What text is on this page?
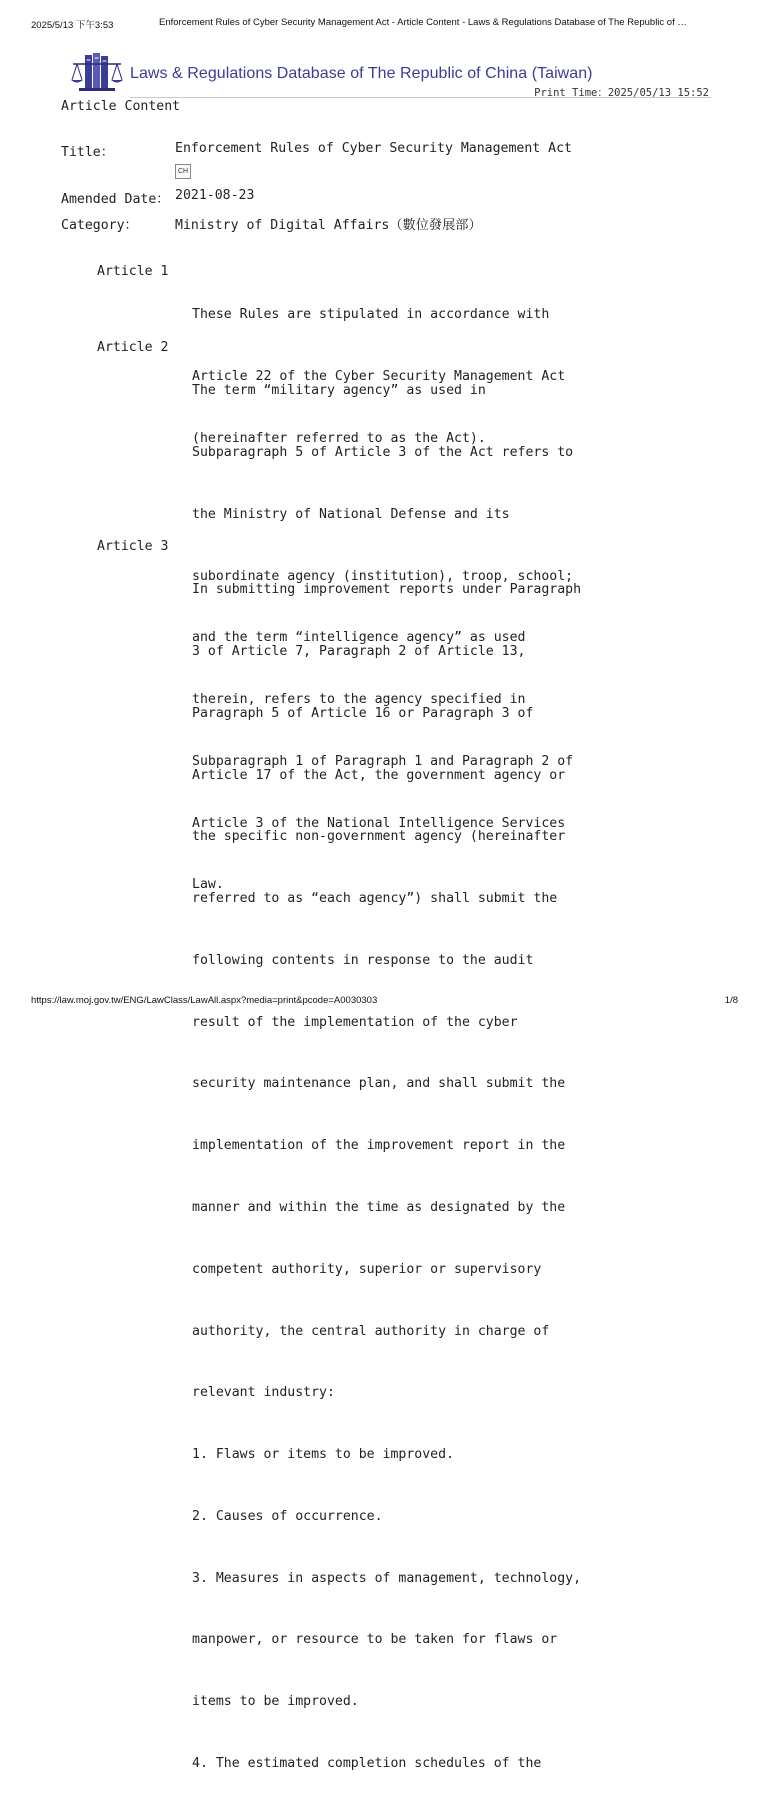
2025/5/13 下午3:53	Enforcement Rules of Cyber Security Management Act - Article Content - Laws & Regulations Database of The Republic of …
Laws & Regulations Database of The Republic of China (Taiwan)
Print Time：2025/05/13 15:52
Article Content
Title：	Enforcement Rules of Cyber Security Management Act
CH
Amended Date： 2021-08-23
Category：	Ministry of Digital Affairs（數位發展部）
Article 1

These Rules are stipulated in accordance with

Article 22 of the Cyber Security Management Act

(hereinafter referred to as the Act).

Article 2

The term “military agency” as used in

Subparagraph 5 of Article 3 of the Act refers to

the Ministry of National Defense and its

subordinate agency (institution), troop, school;

and the term “intelligence agency” as used

therein, refers to the agency specified in

Subparagraph 1 of Paragraph 1 and Paragraph 2 of

Article 3 of the National Intelligence Services

Law.

Article 3

In submitting improvement reports under Paragraph

3 of Article 7, Paragraph 2 of Article 13,

Paragraph 5 of Article 16 or Paragraph 3 of

Article 17 of the Act, the government agency or

the specific non-government agency (hereinafter

referred to as “each agency”) shall submit the

following contents in response to the audit

result of the implementation of the cyber

security maintenance plan, and shall submit the

implementation of the improvement report in the

manner and within the time as designated by the

competent authority, superior or supervisory

authority, the central authority in charge of

relevant industry:

1. Flaws or items to be improved.

2. Causes of occurrence.

3. Measures in aspects of management, technology,

manpower, or resource to be taken for flaws or

items to be improved.

4. The estimated completion schedules of the

https://law.moj.gov.tw/ENG/LawClass/LawAll.aspx?media=print&pcode=A0030303	1/8
